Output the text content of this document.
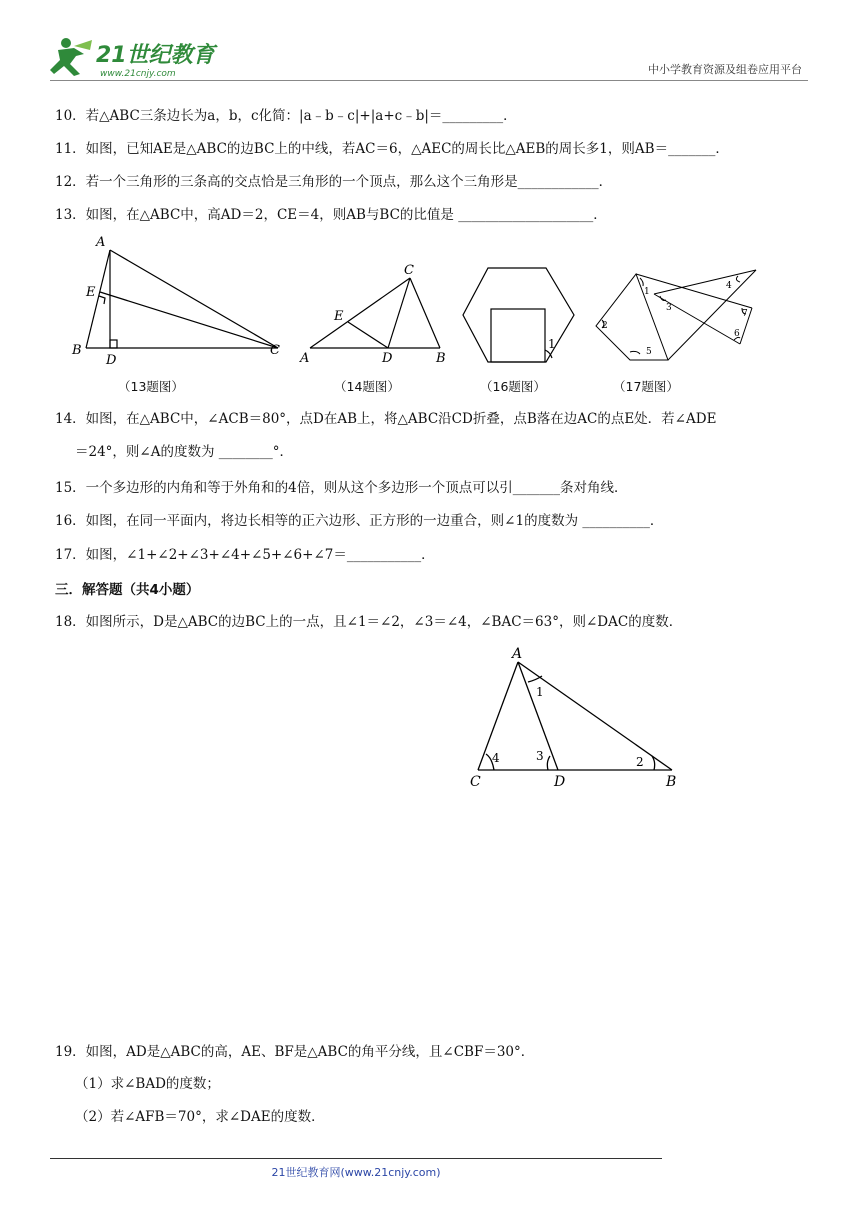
21世纪教育
www.21cnjy.com	中小学教育资源及组卷应用平台
10．若△ABC三条边长为a，b，c化简：|a﹣b﹣c|+|a+c﹣b|＝_________．
11．如图，已知AE是△ABC的边BC上的中线，若AC＝6，△AEC的周长比△AEB的周长多1，则AB＝_______．
12．若一个三角形的三条高的交点恰是三角形的一个顶点，那么这个三角形是____________．
13．如图，在△ABC中，高AD＝2，CE＝4，则AB与BC的比值是 ____________________．
A
E
B
D
C
C
E
A	D	B
1
1
2
3
4
5
6
7
（13题图）	（14题图）	（16题图）	（17题图）
14．如图，在△ABC中，∠ACB＝80°，点D在AB上，将△ABC沿CD折叠，点B落在边AC的点E处．若∠ADE
＝24°，则∠A的度数为 ________°．
15．一个多边形的内角和等于外角和的4倍，则从这个多边形一个顶点可以引_______条对角线．
16．如图，在同一平面内，将边长相等的正六边形、正方形的一边重合，则∠1的度数为 __________．
17．如图，∠1+∠2+∠3+∠4+∠5+∠6+∠7＝___________．
三．解答题（共4小题）
18．如图所示，D是△ABC的边BC上的一点，且∠1＝∠2，∠3＝∠4，∠BAC＝63°，则∠DAC的度数．
A
1
2
3
4
C	D	B
19．如图，AD是△ABC的高，AE、BF是△ABC的角平分线，且∠CBF＝30°．
（1）求∠BAD的度数；
（2）若∠AFB＝70°，求∠DAE的度数．
21世纪教育网(www.21cnjy.com)
